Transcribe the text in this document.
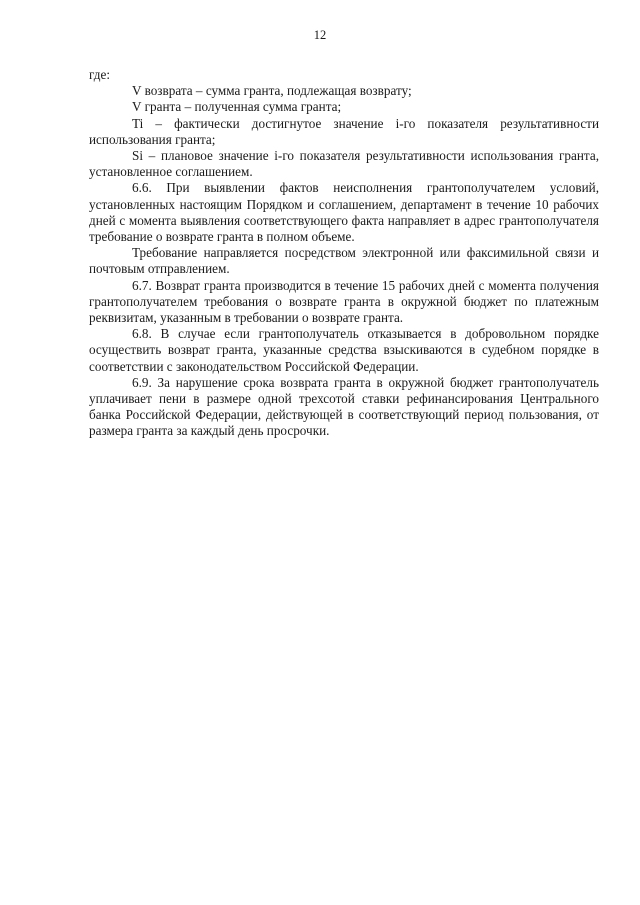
12

где:

V возврата – сумма гранта, подлежащая возврату;

V гранта – полученная сумма гранта;

Ti – фактически достигнутое значение i-го показателя результативности использования гранта;

Si – плановое значение i-го показателя результативности использования гранта, установленное соглашением.

6.6. При выявлении фактов неисполнения грантополучателем условий, установленных настоящим Порядком и соглашением, департамент в течение 10 рабочих дней с момента выявления соответствующего факта направляет в адрес грантополучателя требование о возврате гранта в полном объеме.

Требование направляется посредством электронной или факсимильной связи и почтовым отправлением.

6.7. Возврат гранта производится в течение 15 рабочих дней с момента получения грантополучателем требования о возврате гранта в окружной бюджет по платежным реквизитам, указанным в требовании о возврате гранта.

6.8. В случае если грантополучатель отказывается в добровольном порядке осуществить возврат гранта, указанные средства взыскиваются в судебном порядке в соответствии с законодательством Российской Федерации.

6.9. За нарушение срока возврата гранта в окружной бюджет грантополучатель уплачивает пени в размере одной трехсотой ставки рефинансирования Центрального банка Российской Федерации, действующей в соответствующий период пользования, от размера гранта за каждый день просрочки.
